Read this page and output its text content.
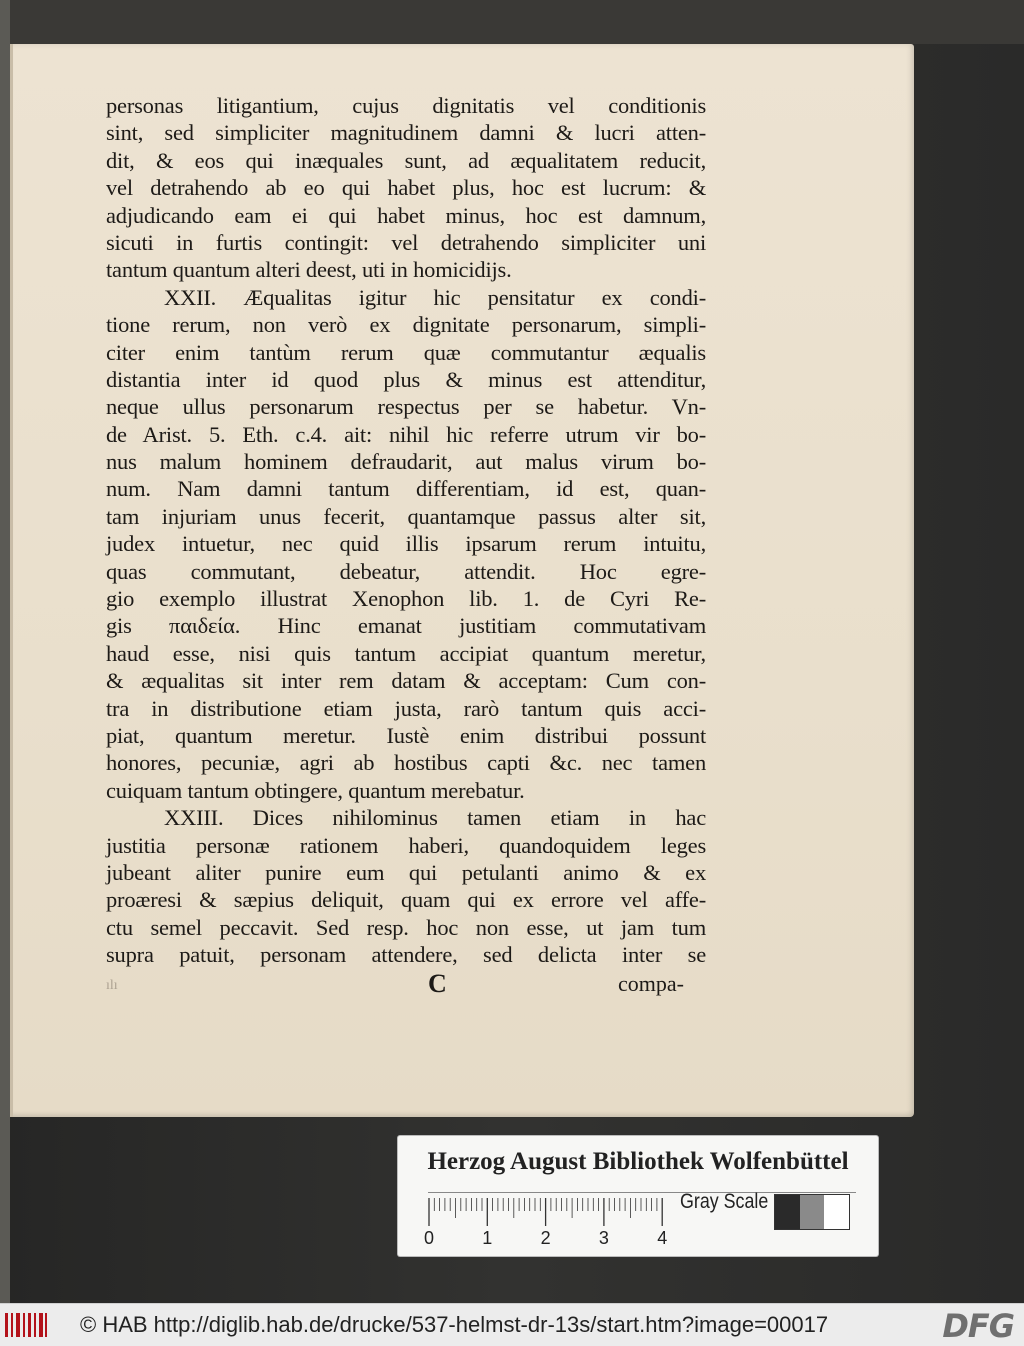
personas litigantium, cujus dignitatis vel conditionis
sint, sed simpliciter magnitudinem damni & lucri atten-
dit, & eos qui inæquales sunt, ad æqualitatem reducit,
vel detrahendo ab eo qui habet plus, hoc est lucrum: &
adjudicando eam ei qui habet minus, hoc est damnum,
sicuti in furtis contingit: vel detrahendo simpliciter uni
tantum quantum alteri deest, uti in homicidijs.
XXII. Æqualitas igitur hic pensitatur ex condi-
tione rerum, non verò ex dignitate personarum, simpli-
citer enim tantùm rerum quæ commutantur æqualis
distantia inter id quod plus & minus est attenditur,
neque ullus personarum respectus per se habetur. Vn-
de Arist. 5. Eth. c.4. ait: nihil hic referre utrum vir bo-
nus malum hominem defraudarit, aut malus virum bo-
num. Nam damni tantum differentiam, id est, quan-
tam injuriam unus fecerit, quantamque passus alter sit,
judex intuetur, nec quid illis ipsarum rerum intuitu,
quas commutant, debeatur, attendit. Hoc egre-
gio exemplo illustrat Xenophon lib. 1. de Cyri Re-
gis παιδεία. Hinc emanat justitiam commutativam
haud esse, nisi quis tantum accipiat quantum meretur,
& æqualitas sit inter rem datam & acceptam: Cum con-
tra in distributione etiam justa, rarò tantum quis acci-
piat, quantum meretur. Iustè enim distribui possunt
honores, pecuniæ, agri ab hostibus capti &c. nec tamen
cuiquam tantum obtingere, quantum merebatur.
XXIII. Dices nihilominus tamen etiam in hac
justitia personæ rationem haberi, quandoquidem leges
jubeant aliter punire eum qui petulanti animo & ex
proæresi & sæpius deliquit, quam qui ex errore vel affe-
ctu semel peccavit. Sed resp. hoc non esse, ut jam tum
supra patuit, personam attendere, sed delicta inter se
C	compa-
ılı
Herzog August Bibliothek Wolfenbüttel
0	1	2	3	4
Gray Scale
© HAB http://diglib.hab.de/drucke/537-helmst-dr-13s/start.htm?image=00017	DFG
